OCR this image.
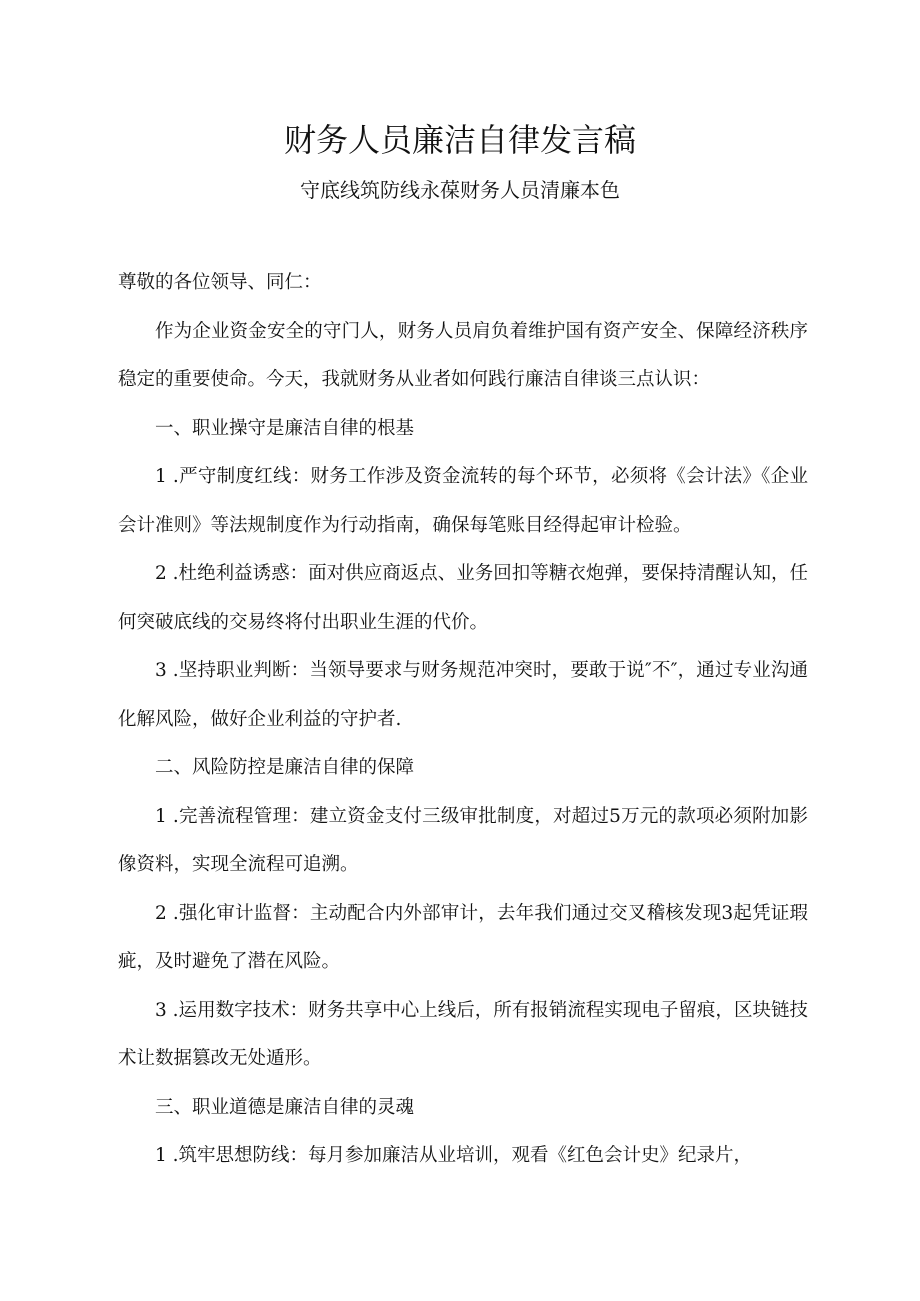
财务人员廉洁自律发言稿

守底线筑防线永葆财务人员清廉本色

尊敬的各位领导、同仁：

作为企业资金安全的守门人，财务人员肩负着维护国有资产安全、保障经济秩序稳定的重要使命。今天，我就财务从业者如何践行廉洁自律谈三点认识：

一、职业操守是廉洁自律的根基

1 .严守制度红线：财务工作涉及资金流转的每个环节，必须将《会计法》《企业会计准则》等法规制度作为行动指南，确保每笔账目经得起审计检验。

2 .杜绝利益诱惑：面对供应商返点、业务回扣等糖衣炮弹，要保持清醒认知，任何突破底线的交易终将付出职业生涯的代价。

3 .坚持职业判断：当领导要求与财务规范冲突时，要敢于说″不″，通过专业沟通化解风险，做好企业利益的守护者.

二、风险防控是廉洁自律的保障

1 .完善流程管理：建立资金支付三级审批制度，对超过5万元的款项必须附加影像资料，实现全流程可追溯。

2 .强化审计监督：主动配合内外部审计，去年我们通过交叉稽核发现3起凭证瑕疵，及时避免了潜在风险。

3 .运用数字技术：财务共享中心上线后，所有报销流程实现电子留痕，区块链技术让数据篡改无处遁形。

三、职业道德是廉洁自律的灵魂

1 .筑牢思想防线：每月参加廉洁从业培训，观看《红色会计史》纪录片，
